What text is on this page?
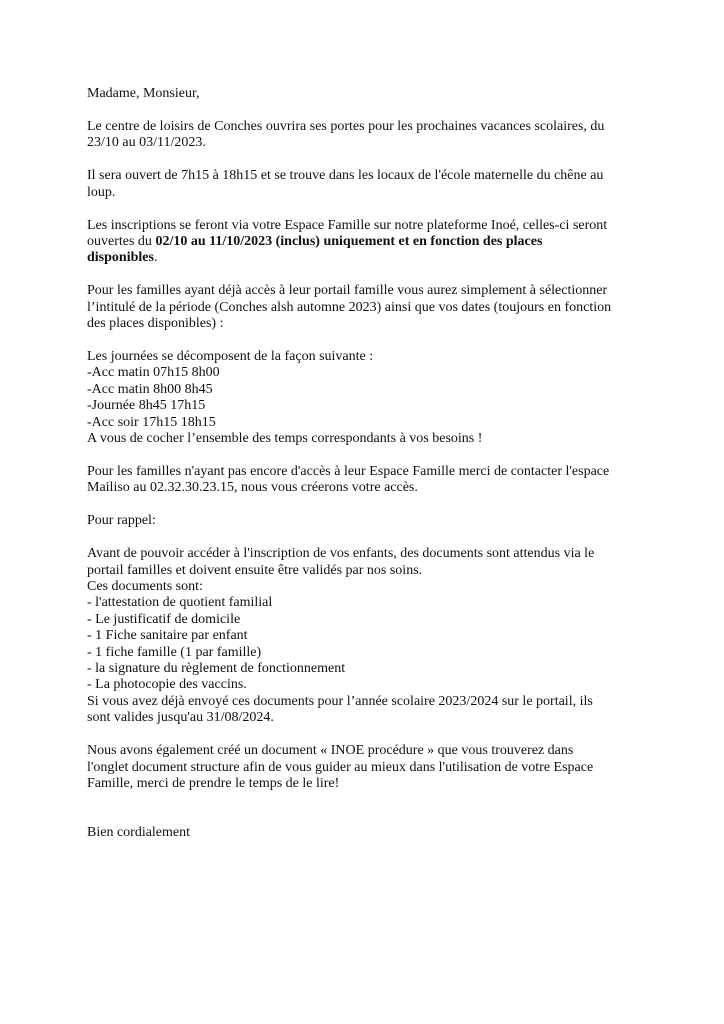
Madame, Monsieur,

Le centre de loisirs de Conches ouvrira ses portes pour les prochaines vacances scolaires, du
23/10 au 03/11/2023.

Il sera ouvert de 7h15 à 18h15 et se trouve dans les locaux de l'école maternelle du chêne au
loup.

Les inscriptions se feront via votre Espace Famille sur notre plateforme Inoé, celles-ci seront
ouvertes du 02/10 au 11/10/2023 (inclus) uniquement et en fonction des places
disponibles.

Pour les familles ayant déjà accès à leur portail famille vous aurez simplement à sélectionner
l’intitulé de la période (Conches alsh automne 2023) ainsi que vos dates (toujours en fonction
des places disponibles) :

Les journées se décomposent de la façon suivante :
-Acc matin 07h15 8h00
-Acc matin 8h00 8h45
-Journée 8h45 17h15
-Acc soir 17h15 18h15
A vous de cocher l’ensemble des temps correspondants à vos besoins !

Pour les familles n'ayant pas encore d'accès à leur Espace Famille merci de contacter l'espace
Mailiso au 02.32.30.23.15, nous vous créerons votre accès.

Pour rappel:

Avant de pouvoir accéder à l'inscription de vos enfants, des documents sont attendus via le
portail familles et doivent ensuite être validés par nos soins.
Ces documents sont:
- l'attestation de quotient familial
- Le justificatif de domicile
- 1 Fiche sanitaire par enfant
- 1 fiche famille (1 par famille)
- la signature du règlement de fonctionnement
- La photocopie des vaccins.
Si vous avez déjà envoyé ces documents pour l’année scolaire 2023/2024 sur le portail, ils
sont valides jusqu'au 31/08/2024.

Nous avons également créé un document « INOE procédure » que vous trouverez dans
l'onglet document structure afin de vous guider au mieux dans l'utilisation de votre Espace
Famille, merci de prendre le temps de le lire!

Bien cordialement
